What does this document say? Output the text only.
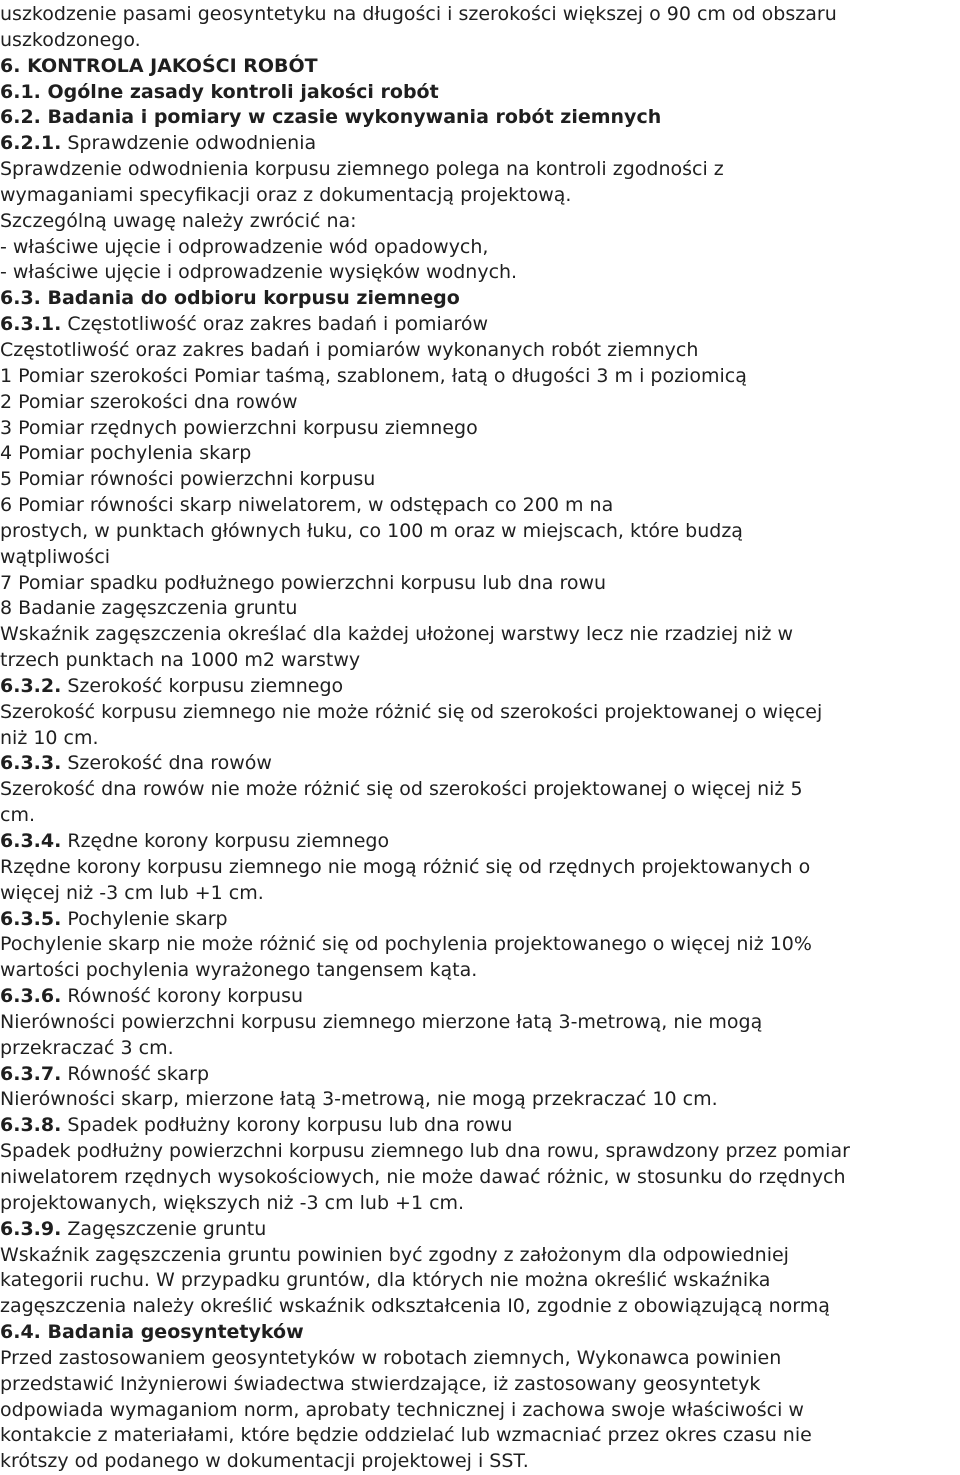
uszkodzenie pasami geosyntetyku na długości i szerokości większej o 90 cm od obszaru
uszkodzonego.
6. KONTROLA JAKOŚCI ROBÓT
6.1. Ogólne zasady kontroli jakości robót
6.2. Badania i pomiary w czasie wykonywania robót ziemnych
6.2.1. Sprawdzenie odwodnienia
Sprawdzenie odwodnienia korpusu ziemnego polega na kontroli zgodności z
wymaganiami specyfikacji oraz z dokumentacją projektową.
Szczególną uwagę należy zwrócić na:
- właściwe ujęcie i odprowadzenie wód opadowych,
- właściwe ujęcie i odprowadzenie wysięków wodnych.
6.3. Badania do odbioru korpusu ziemnego
6.3.1. Częstotliwość oraz zakres badań i pomiarów
Częstotliwość oraz zakres badań i pomiarów wykonanych robót ziemnych
1 Pomiar szerokości Pomiar taśmą, szablonem, łatą o długości 3 m i poziomicą
2 Pomiar szerokości dna rowów
3 Pomiar rzędnych powierzchni korpusu ziemnego
4 Pomiar pochylenia skarp
5 Pomiar równości powierzchni korpusu
6 Pomiar równości skarp niwelatorem, w odstępach co 200 m na
prostych, w punktach głównych łuku, co 100 m oraz w miejscach, które budzą
wątpliwości
7 Pomiar spadku podłużnego powierzchni korpusu lub dna rowu
8 Badanie zagęszczenia gruntu
Wskaźnik zagęszczenia określać dla każdej ułożonej warstwy lecz nie rzadziej niż w
trzech punktach na 1000 m2 warstwy
6.3.2. Szerokość korpusu ziemnego
Szerokość korpusu ziemnego nie może różnić się od szerokości projektowanej o więcej
niż 10 cm.
6.3.3. Szerokość dna rowów
Szerokość dna rowów nie może różnić się od szerokości projektowanej o więcej niż 5
cm.
6.3.4. Rzędne korony korpusu ziemnego
Rzędne korony korpusu ziemnego nie mogą różnić się od rzędnych projektowanych o
więcej niż -3 cm lub +1 cm.
6.3.5. Pochylenie skarp
Pochylenie skarp nie może różnić się od pochylenia projektowanego o więcej niż 10%
wartości pochylenia wyrażonego tangensem kąta.
6.3.6. Równość korony korpusu
Nierówności powierzchni korpusu ziemnego mierzone łatą 3-metrową, nie mogą
przekraczać 3 cm.
6.3.7. Równość skarp
Nierówności skarp, mierzone łatą 3-metrową, nie mogą przekraczać 10 cm.
6.3.8. Spadek podłużny korony korpusu lub dna rowu
Spadek podłużny powierzchni korpusu ziemnego lub dna rowu, sprawdzony przez pomiar
niwelatorem rzędnych wysokościowych, nie może dawać różnic, w stosunku do rzędnych
projektowanych, większych niż -3 cm lub +1 cm.
6.3.9. Zagęszczenie gruntu
Wskaźnik zagęszczenia gruntu powinien być zgodny z założonym dla odpowiedniej
kategorii ruchu. W przypadku gruntów, dla których nie można określić wskaźnika
zagęszczenia należy określić wskaźnik odkształcenia I0, zgodnie z obowiązującą normą
6.4. Badania geosyntetyków
Przed zastosowaniem geosyntetyków w robotach ziemnych, Wykonawca powinien
przedstawić Inżynierowi świadectwa stwierdzające, iż zastosowany geosyntetyk
odpowiada wymaganiom norm, aprobaty technicznej i zachowa swoje właściwości w
kontakcie z materiałami, które będzie oddzielać lub wzmacniać przez okres czasu nie
krótszy od podanego w dokumentacji projektowej i SST.
